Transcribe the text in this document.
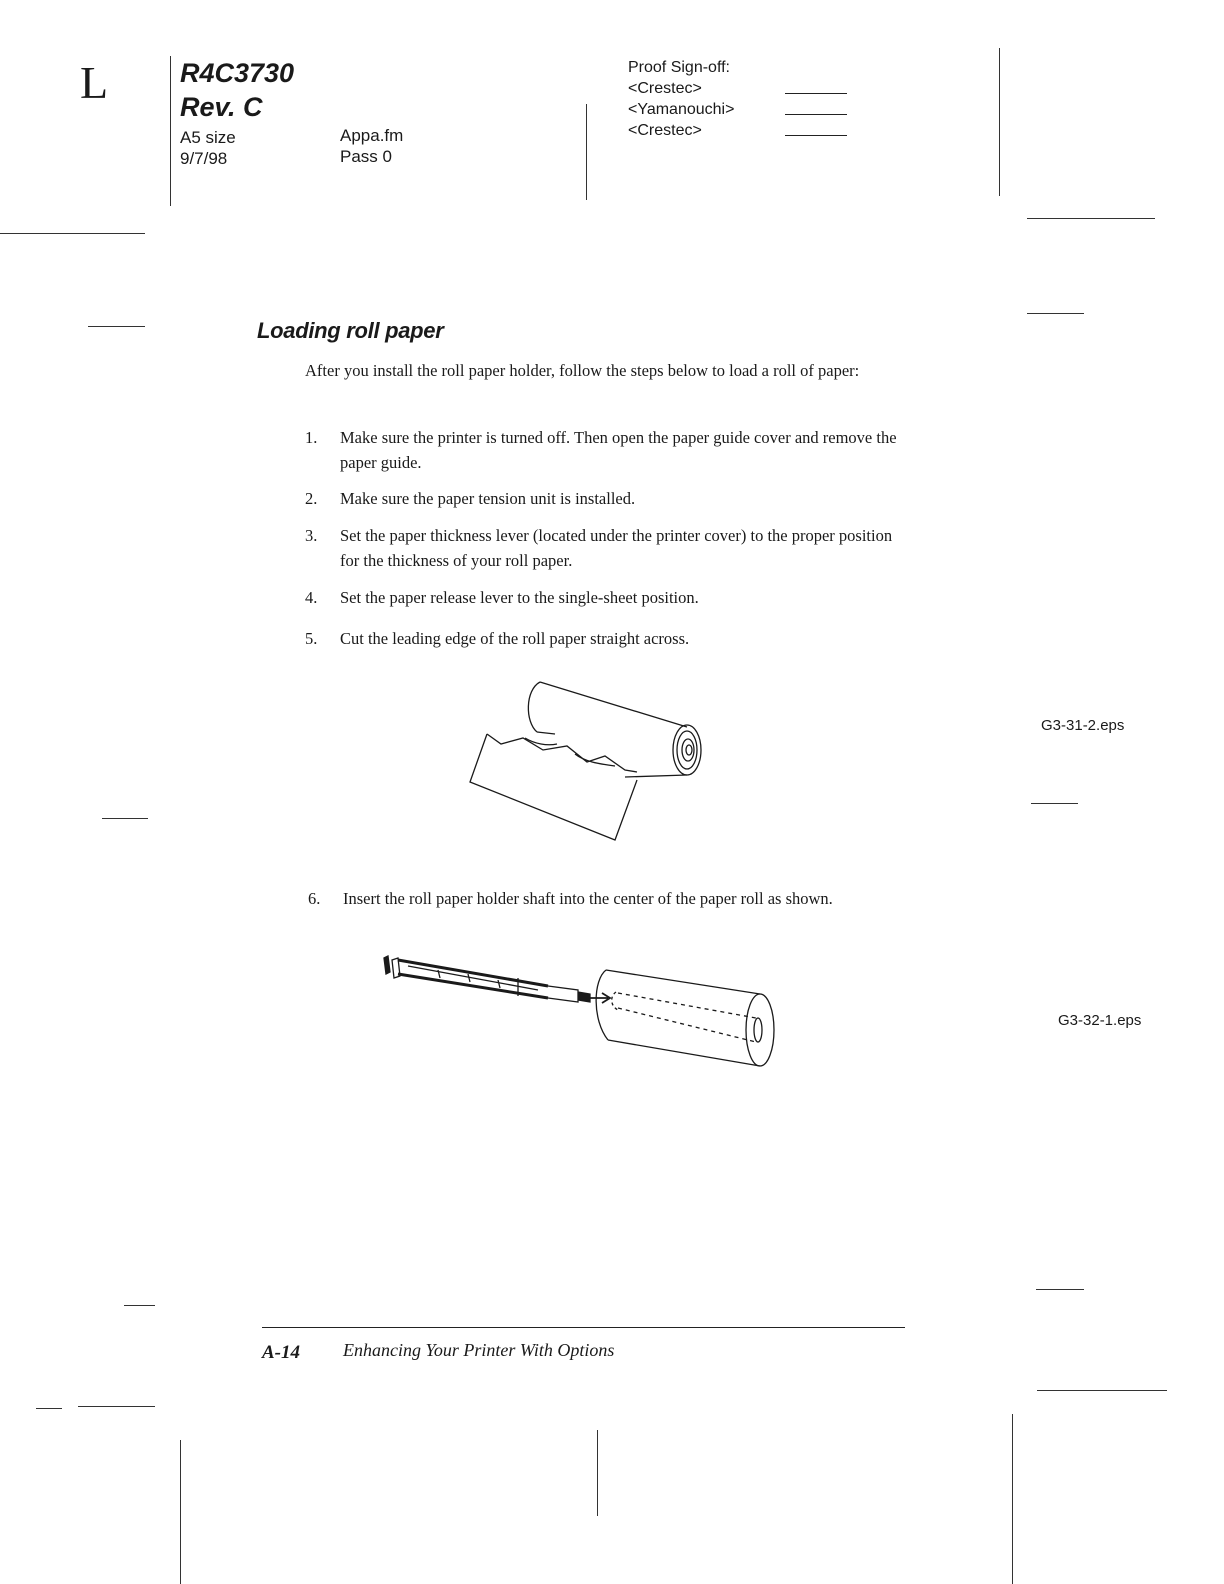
L	R4C3730
Rev. C
A5 size
9/7/98
Appa.fm
Pass 0
Proof Sign-off:
<Crestec>
<Yamanouchi>
<Crestec>
Loading roll paper
After you install the roll paper holder, follow the steps below to load a roll of paper:
1.	Make sure the printer is turned off. Then open the paper guide cover and remove the paper guide.
2.	Make sure the paper tension unit is installed.
3.	Set the paper thickness lever (located under the printer cover) to the proper position for the thickness of your roll paper.
4.	Set the paper release lever to the single-sheet position.
5.	Cut the leading edge of the roll paper straight across.
G3-31-2.eps
6.	Insert the roll paper holder shaft into the center of the paper roll as shown.
G3-32-1.eps
A-14 Enhancing Your Printer With Options
